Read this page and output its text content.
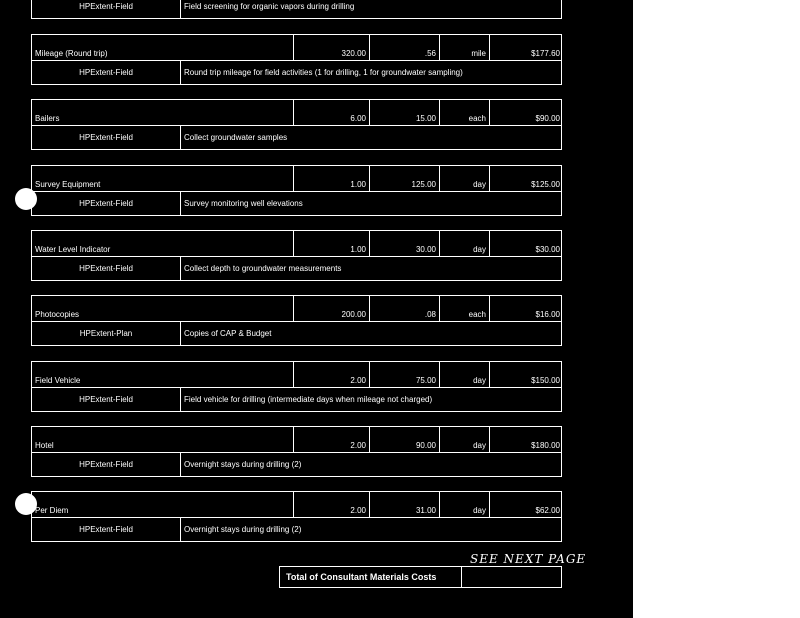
HPExtent-Field	Field screening for organic vapors during drilling
Mileage (Round trip)	320.00	.56	mile	$177.60
HPExtent-Field	Round trip mileage for field activities (1 for drilling, 1 for groundwater sampling)
Bailers	6.00	15.00	each	$90.00
HPExtent-Field	Collect groundwater samples
Survey Equipment	1.00	125.00	day	$125.00
HPExtent-Field	Survey monitoring well elevations
Water Level Indicator	1.00	30.00	day	$30.00
HPExtent-Field	Collect depth to groundwater measurements
Photocopies	200.00	.08	each	$16.00
HPExtent-Plan	Copies of CAP & Budget
Field Vehicle	2.00	75.00	day	$150.00
HPExtent-Field	Field vehicle for drilling (intermediate days when mileage not charged)
Hotel	2.00	90.00	day	$180.00
HPExtent-Field	Overnight stays during drilling (2)
Per Diem	2.00	31.00	day	$62.00
HPExtent-Field	Overnight stays during drilling (2)
SEE NEXT PAGE
Total of Consultant Materials Costs
